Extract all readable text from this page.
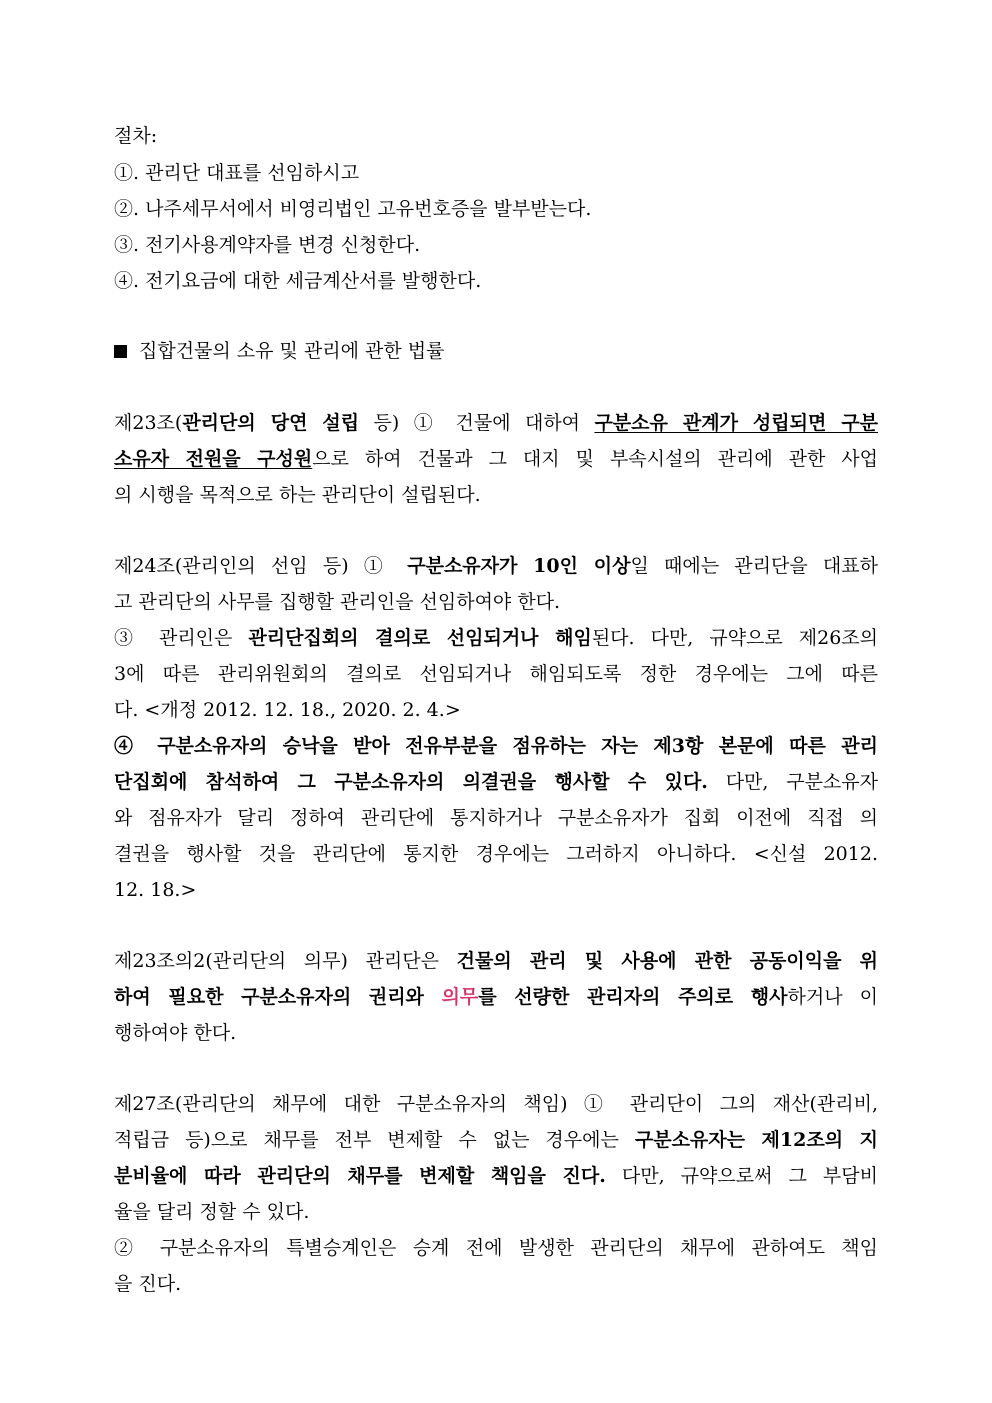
절차:
①. 관리단 대표를 선임하시고
②. 나주세무서에서 비영리법인 고유번호증을 발부받는다.
③. 전기사용계약자를 변경 신청한다.
④. 전기요금에 대한 세금계산서를 발행한다.
집합건물의 소유 및 관리에 관한 법률
제23조(관리단의 당연 설립 등) ① 건물에 대하여 구분소유 관계가 성립되면 구분
소유자 전원을 구성원으로 하여 건물과 그 대지 및 부속시설의 관리에 관한 사업
의 시행을 목적으로 하는 관리단이 설립된다.
제24조(관리인의 선임 등) ① 구분소유자가 10인 이상일 때에는 관리단을 대표하
고 관리단의 사무를 집행할 관리인을 선임하여야 한다.
③ 관리인은 관리단집회의 결의로 선임되거나 해임된다. 다만, 규약으로 제26조의
3에 따른 관리위원회의 결의로 선임되거나 해임되도록 정한 경우에는 그에 따른
다. <개정 2012. 12. 18., 2020. 2. 4.>
④ 구분소유자의 승낙을 받아 전유부분을 점유하는 자는 제3항 본문에 따른 관리
단집회에 참석하여 그 구분소유자의 의결권을 행사할 수 있다. 다만, 구분소유자
와 점유자가 달리 정하여 관리단에 통지하거나 구분소유자가 집회 이전에 직접 의
결권을 행사할 것을 관리단에 통지한 경우에는 그러하지 아니하다. <신설 2012.
12. 18.>
제23조의2(관리단의 의무) 관리단은 건물의 관리 및 사용에 관한 공동이익을 위
하여 필요한 구분소유자의 권리와 의무를 선량한 관리자의 주의로 행사하거나 이
행하여야 한다.
제27조(관리단의 채무에 대한 구분소유자의 책임) ① 관리단이 그의 재산(관리비,
적립금 등)으로 채무를 전부 변제할 수 없는 경우에는 구분소유자는 제12조의 지
분비율에 따라 관리단의 채무를 변제할 책임을 진다. 다만, 규약으로써 그 부담비
율을 달리 정할 수 있다.
② 구분소유자의 특별승계인은 승계 전에 발생한 관리단의 채무에 관하여도 책임
을 진다.
